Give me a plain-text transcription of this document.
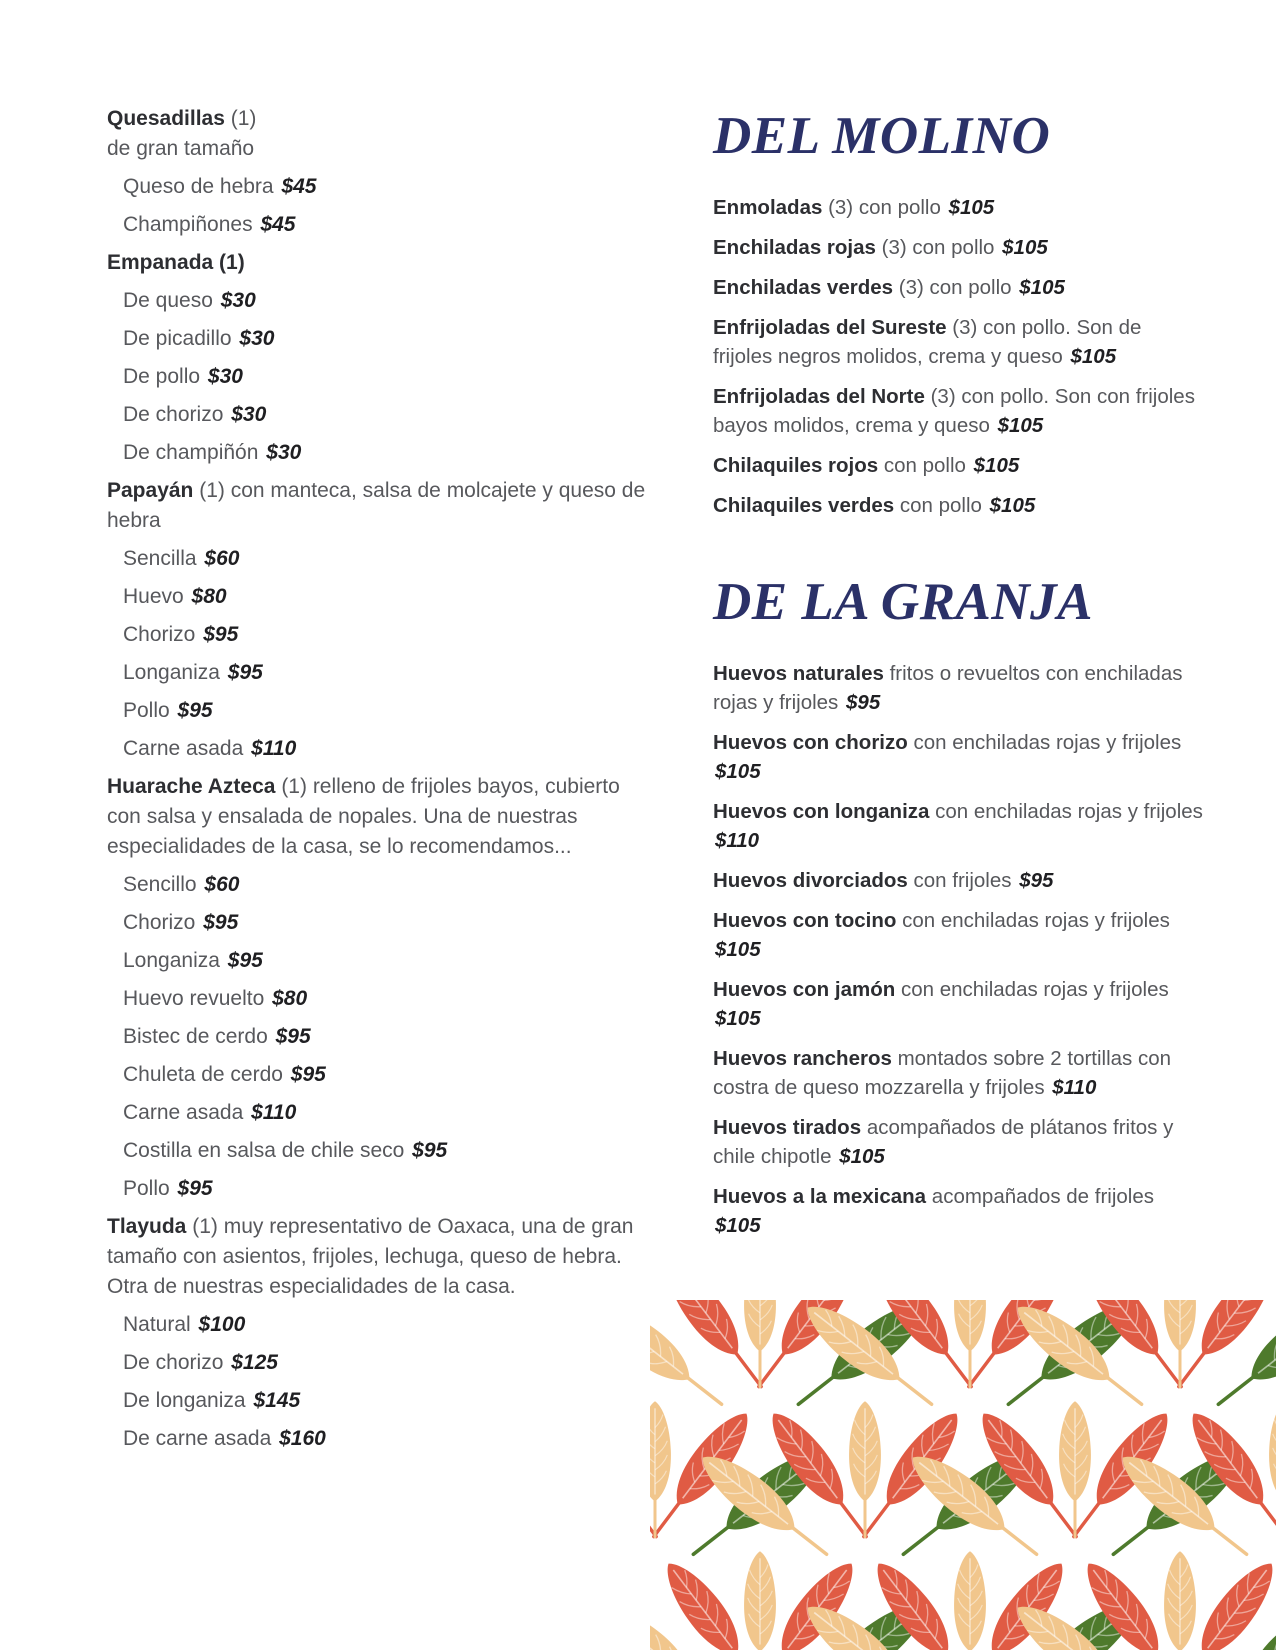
Quesadillas (1)
de gran tamaño

Queso de hebra $45

Champiñones $45

Empanada (1)

De queso $30

De picadillo $30

De pollo $30

De chorizo $30

De champiñón $30

Papayán (1) con manteca, salsa de molcajete y queso de hebra

Sencilla $60

Huevo $80

Chorizo $95

Longaniza $95

Pollo $95

Carne asada $110

Huarache Azteca (1) relleno de frijoles bayos, cubierto con salsa y ensalada de nopales. Una de nuestras especialidades de la casa, se lo recomendamos...

Sencillo $60

Chorizo $95

Longaniza $95

Huevo revuelto $80

Bistec de cerdo $95

Chuleta de cerdo $95

Carne asada $110

Costilla en salsa de chile seco $95

Pollo $95

Tlayuda (1) muy representativo de Oaxaca, una de gran tamaño con asientos, frijoles, lechuga, queso de hebra. Otra de nuestras especialidades de la casa.

Natural $100

De chorizo $125

De longaniza $145

De carne asada $160

DEL MOLINO

Enmoladas (3) con pollo $105

Enchiladas rojas (3) con pollo $105

Enchiladas verdes (3) con pollo $105

Enfrijoladas del Sureste (3) con pollo. Son de frijoles negros molidos, crema y queso $105

Enfrijoladas del Norte (3) con pollo. Son con frijoles bayos molidos, crema y queso $105

Chilaquiles rojos con pollo $105

Chilaquiles verdes con pollo $105

DE LA GRANJA

Huevos naturales fritos o revueltos con enchiladas rojas y frijoles $95

Huevos con chorizo con enchiladas rojas y frijoles $105

Huevos con longaniza con enchiladas rojas y frijoles $110

Huevos divorciados con frijoles $95

Huevos con tocino con enchiladas rojas y frijoles $105

Huevos con jamón con enchiladas rojas y frijoles $105

Huevos rancheros montados sobre 2 tortillas con costra de queso mozzarella y frijoles $110

Huevos tirados acompañados de plátanos fritos y chile chipotle $105

Huevos a la mexicana acompañados de frijoles $105
